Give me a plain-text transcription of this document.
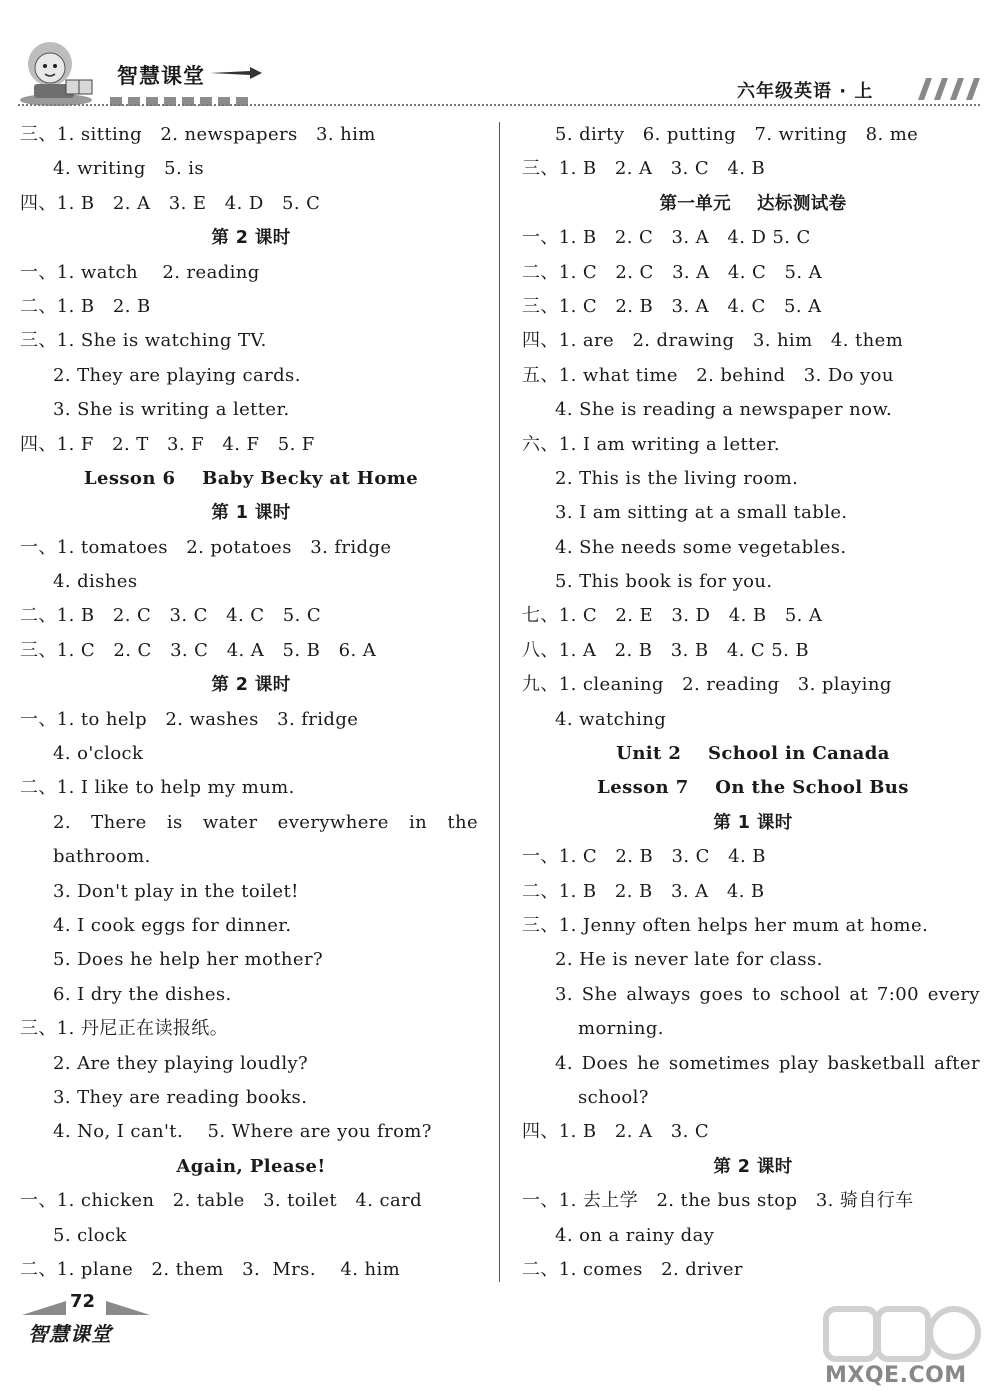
智慧课堂
六年级英语 · 上
三、1. sitting   2. newspapers   3. him
4. writing   5. is
四、1. B   2. A   3. E   4. D   5. C
第 2 课时
一、1. watch    2. reading
二、1. B   2. B
三、1. She is watching TV.
2. They are playing cards.
3. She is writing a letter.
四、1. F   2. T   3. F   4. F   5. F
Lesson 6    Baby Becky at Home
第 1 课时
一、1. tomatoes   2. potatoes   3. fridge
4. dishes
二、1. B   2. C   3. C   4. C   5. C
三、1. C   2. C   3. C   4. A   5. B   6. A
第 2 课时
一、1. to help   2. washes   3. fridge
4. o'clock
二、1. I like to help my mum.
2. There is water everywhere in the
bathroom.
3. Don't play in the toilet!
4. I cook eggs for dinner.
5. Does he help her mother?
6. I dry the dishes.
三、1. 丹尼正在读报纸。
2. Are they playing loudly?
3. They are reading books.
4. No, I can't.    5. Where are you from?
Again, Please!
一、1. chicken   2. table   3. toilet   4. card
5. clock
二、1. plane   2. them   3.  Mrs.    4. him
5. dirty   6. putting   7. writing   8. me
三、1. B   2. A   3. C   4. B
第一单元    达标测试卷
一、1. B   2. C   3. A   4. D 5. C
二、1. C   2. C   3. A   4. C   5. A
三、1. C   2. B   3. A   4. C   5. A
四、1. are   2. drawing   3. him   4. them
五、1. what time   2. behind   3. Do you
4. She is reading a newspaper now.
六、1. I am writing a letter.
2. This is the living room.
3. I am sitting at a small table.
4. She needs some vegetables.
5. This book is for you.
七、1. C   2. E   3. D   4. B   5. A
八、1. A   2. B   3. B   4. C 5. B
九、1. cleaning   2. reading   3. playing
4. watching
Unit 2    School in Canada
Lesson 7    On the School Bus
第 1 课时
一、1. C   2. B   3. C   4. B
二、1. B   2. B   3. A   4. B
三、1. Jenny often helps her mum at home.
2. He is never late for class.
3. She always goes to school at 7:00 every
morning.
4. Does he sometimes play basketball after
school?
四、1. B   2. A   3. C
第 2 课时
一、1. 去上学   2. the bus stop   3. 骑自行车
4. on a rainy day
二、1. comes   2. driver
72
智慧课堂
MXQE.COM
